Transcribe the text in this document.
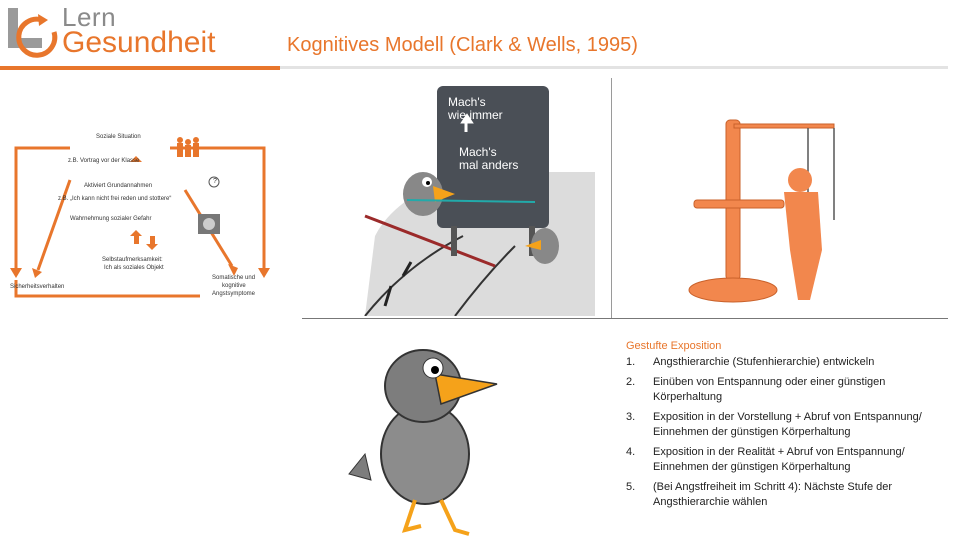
Lern
Gesundheit	Kognitives Modell (Clark & Wells, 1995)
Soziale Situation
z.B. Vortrag vor der Klasse
Aktiviert Grundannahmen
z.B. „Ich kann nicht frei reden und stottere“
Wahrnehmung sozialer Gefahr
Selbstaufmerksamkeit:
Ich als soziales Objekt
Somatische und
kognitive
Angstsymptome
Sicherheitsverhalten
?
Mach's
wie immer
Mach's
mal anders
Gestufte Exposition
1. Angsthierarchie (Stufenhierarchie) entwickeln
2. Einüben von Entspannung oder einer günstigen Körperhaltung
3. Exposition in der Vorstellung + Abruf von Entspannung/ Einnehmen der günstigen Körperhaltung
4. Exposition in der Realität + Abruf von Entspannung/ Einnehmen der günstigen Körperhaltung
5. (Bei Angstfreiheit im Schritt 4): Nächste Stufe der Angsthierarchie wählen
